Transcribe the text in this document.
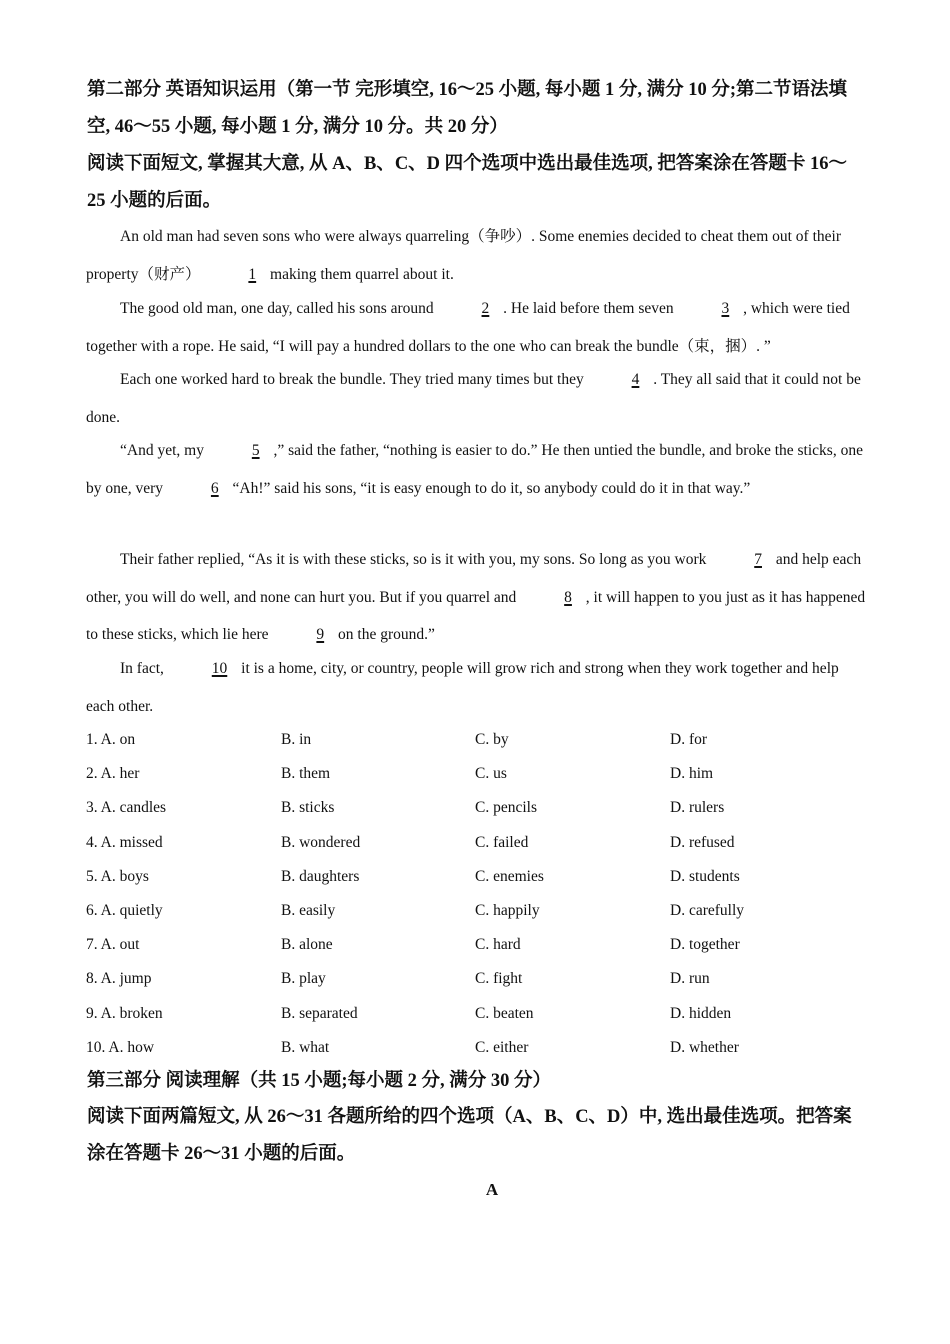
第二部分 英语知识运用（第一节 完形填空, 16～25 小题, 每小题 1 分, 满分 10 分;第二节语法填空, 46～55 小题, 每小题 1 分, 满分 10 分。共 20 分）

阅读下面短文, 掌握其大意, 从 A、B、C、D 四个选项中选出最佳选项, 把答案涂在答题卡 16～25 小题的后面。

An old man had seven sons who were always quarreling（争吵）. Some enemies decided to cheat them out of their property（财产）	1 making them quarrel about it.

The good old man, one day, called his sons around	2 . He laid before them seven	3 , which were tied together with a rope. He said, “I will pay a hundred dollars to the one who can break the bundle（束，捆）. ”

Each one worked hard to break the bundle. They tried many times but they	4 . They all said that it could not be done.

“And yet, my	5 ,” said the father, “nothing is easier to do.” He then untied the bundle, and broke the sticks, one by one, very	6 “Ah!” said his sons, “it is easy enough to do it, so anybody could do it in that way.”

Their father replied, “As it is with these sticks, so is it with you, my sons. So long as you work	7 and help each other, you will do well, and none can hurt you. But if you quarrel and	8 , it will happen to you just as it has happened to these sticks, which lie here	9 on the ground.”

In fact,	10 it is a home, city, or country, people will grow rich and strong when they work together and help each other.

1. A. on	B. in	C. by	D. for
2. A. her	B. them	C. us	D. him
3. A. candles	B. sticks	C. pencils	D. rulers
4. A. missed	B. wondered	C. failed	D. refused
5. A. boys	B. daughters	C. enemies	D. students
6. A. quietly	B. easily	C. happily	D. carefully
7. A. out	B. alone	C. hard	D. together
8. A. jump	B. play	C. fight	D. run
9. A. broken	B. separated	C. beaten	D. hidden
10. A. how	B. what	C. either	D. whether

第三部分 阅读理解（共 15 小题;每小题 2 分, 满分 30 分）

阅读下面两篇短文, 从 26～31 各题所给的四个选项（A、B、C、D）中, 选出最佳选项。把答案涂在答题卡 26～31 小题的后面。

A
